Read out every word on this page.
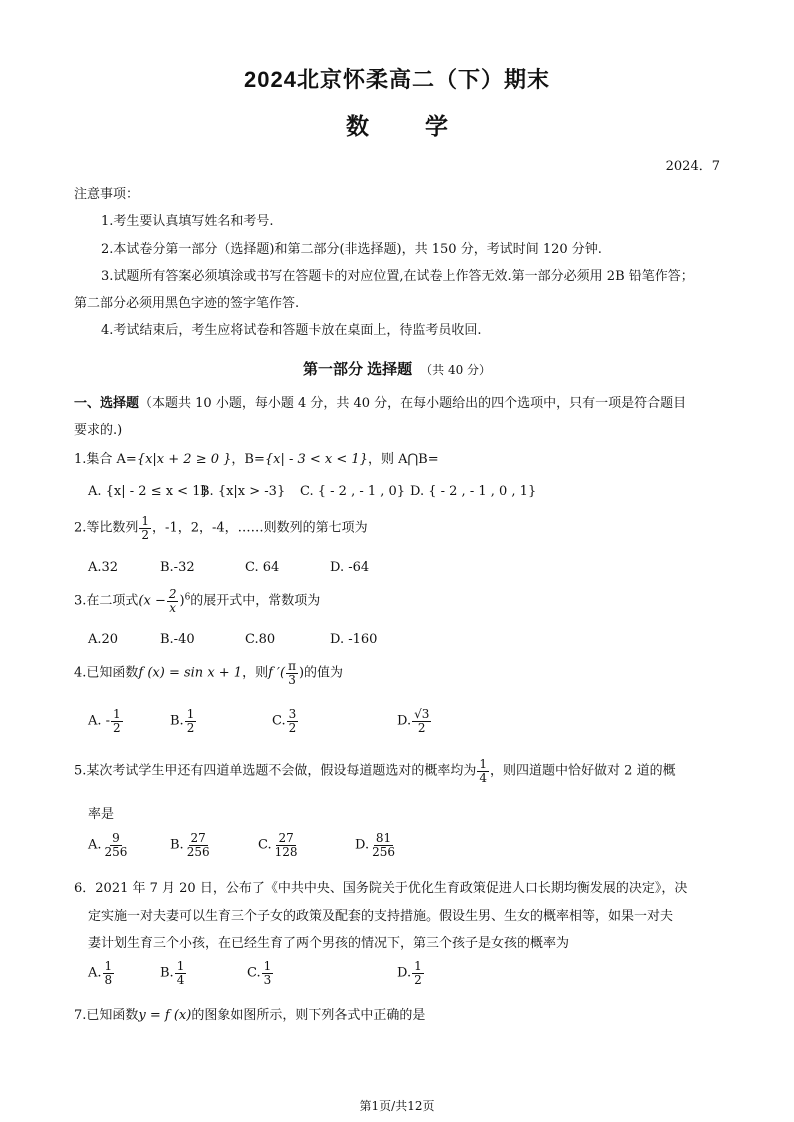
2024北京怀柔高二（下）期末
数 学
2024．7
注意事项：
1.考生要认真填写姓名和考号.
2.本试卷分第一部分（选择题)和第二部分(非选择题)，共 150 分，考试时间 120 分钟.
3.试题所有答案必须填涂或书写在答题卡的对应位置,在试卷上作答无效.第一部分必须用 2B 铅笔作答；
第二部分必须用黑色字迹的签字笔作答.
4.考试结束后，考生应将试卷和答题卡放在桌面上，待监考员收回.
第一部分 选择题 （共 40 分）
一、选择题（本题共 10 小题，每小题 4 分，共 40 分，在每小题给出的四个选项中，只有一项是符合题目
要求的.)
1.集合 A={x|x + 2 ≥ 0 }，B={x| - 3 < x < 1}，则 A⋂B=
A. {x| - 2 ≤ x < 1}
B. {x|x > -3} C. { - 2 , - 1 , 0} D. { - 2 , - 1 , 0 , 1}
2.等比数列 $\frac{1}{2}$ ，-1，2，-4，……则数列的第七项为
A.32	B.-32	C. 64	D. -64
3.在二项式$(x - \frac{2}{x} )^6$的展开式中，常数项为
A.20	B.-40	C.80	D. -160
4.已知函数f (x) = sin x + 1，则f ′( $\frac{\pi}{3}$ )的值为
A. - $\frac{1}{2}$	B. $\frac{1}{2}$	C. $\frac{3}{2}$	D. $\frac{√3}{2}$
5.某次考试学生甲还有四道单选题不会做，假设每道题选对的概率均为 $\frac{1}{4}$ ，则四道题中恰好做对 2 道的概
率是
A. $\frac{9}{256}$	B. $\frac{27}{256}$	C. $\frac{27}{128}$	D. $\frac{81}{256}$
6．2021 年 7 月 20 日，公布了《中共中央、国务院关于优化生育政策促进人口长期均衡发展的决定》，决
定实施一对夫妻可以生育三个子女的政策及配套的支持措施。假设生男、生女的概率相等，如果一对夫
妻计划生育三个小孩，在已经生育了两个男孩的情况下，第三个孩子是女孩的概率为
A. $\frac{1}{8}$	B. $\frac{1}{4}$	C. $\frac{1}{3}$	D. $\frac{1}{2}$
7.已知函数y = f (x)的图象如图所示，则下列各式中正确的是
第1页/共12页
